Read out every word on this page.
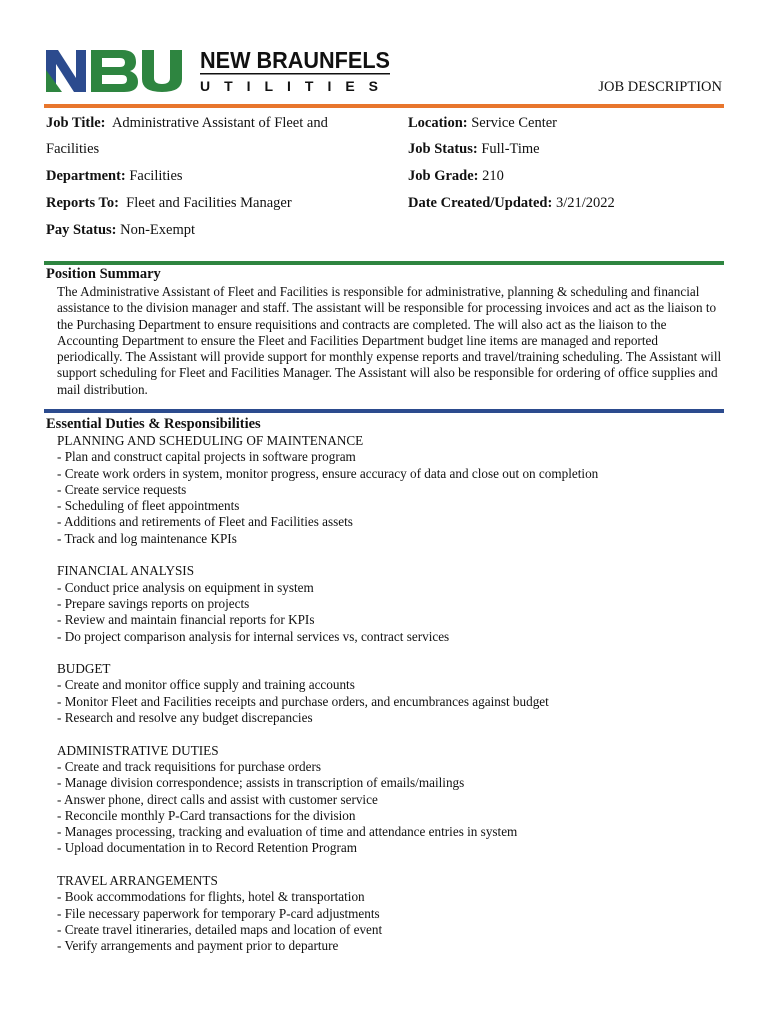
NEW BRAUNFELS
UTILITIES	JOB DESCRIPTION
Job Title: Administrative Assistant of Fleet and
Facilities
Department: Facilities
Reports To: Fleet and Facilities Manager
Pay Status: Non-Exempt
Location: Service Center
Job Status: Full-Time
Job Grade: 210
Date Created/Updated: 3/21/2022
Position Summary
The Administrative Assistant of Fleet and Facilities is responsible for administrative, planning & scheduling and financial assistance to the division manager and staff. The assistant will be responsible for processing invoices and act as the liaison to the Purchasing Department to ensure requisitions and contracts are completed. The will also act as the liaison to the Accounting Department to ensure the Fleet and Facilities Department budget line items are managed and reported periodically. The Assistant will provide support for monthly expense reports and travel/training scheduling. The Assistant will support scheduling for Fleet and Facilities Manager. The Assistant will also be responsible for ordering of office supplies and mail distribution.
Essential Duties & Responsibilities
PLANNING AND SCHEDULING OF MAINTENANCE
- Plan and construct capital projects in software program
- Create work orders in system, monitor progress, ensure accuracy of data and close out on completion
- Create service requests
- Scheduling of fleet appointments
- Additions and retirements of Fleet and Facilities assets
- Track and log maintenance KPIs
FINANCIAL ANALYSIS
- Conduct price analysis on equipment in system
- Prepare savings reports on projects
- Review and maintain financial reports for KPIs
- Do project comparison analysis for internal services vs, contract services
BUDGET
- Create and monitor office supply and training accounts
- Monitor Fleet and Facilities receipts and purchase orders, and encumbrances against budget
- Research and resolve any budget discrepancies
ADMINISTRATIVE DUTIES
- Create and track requisitions for purchase orders
- Manage division correspondence; assists in transcription of emails/mailings
- Answer phone, direct calls and assist with customer service
- Reconcile monthly P-Card transactions for the division
- Manages processing, tracking and evaluation of time and attendance entries in system
- Upload documentation in to Record Retention Program
TRAVEL ARRANGEMENTS
- Book accommodations for flights, hotel & transportation
- File necessary paperwork for temporary P-card adjustments
- Create travel itineraries, detailed maps and location of event
- Verify arrangements and payment prior to departure
